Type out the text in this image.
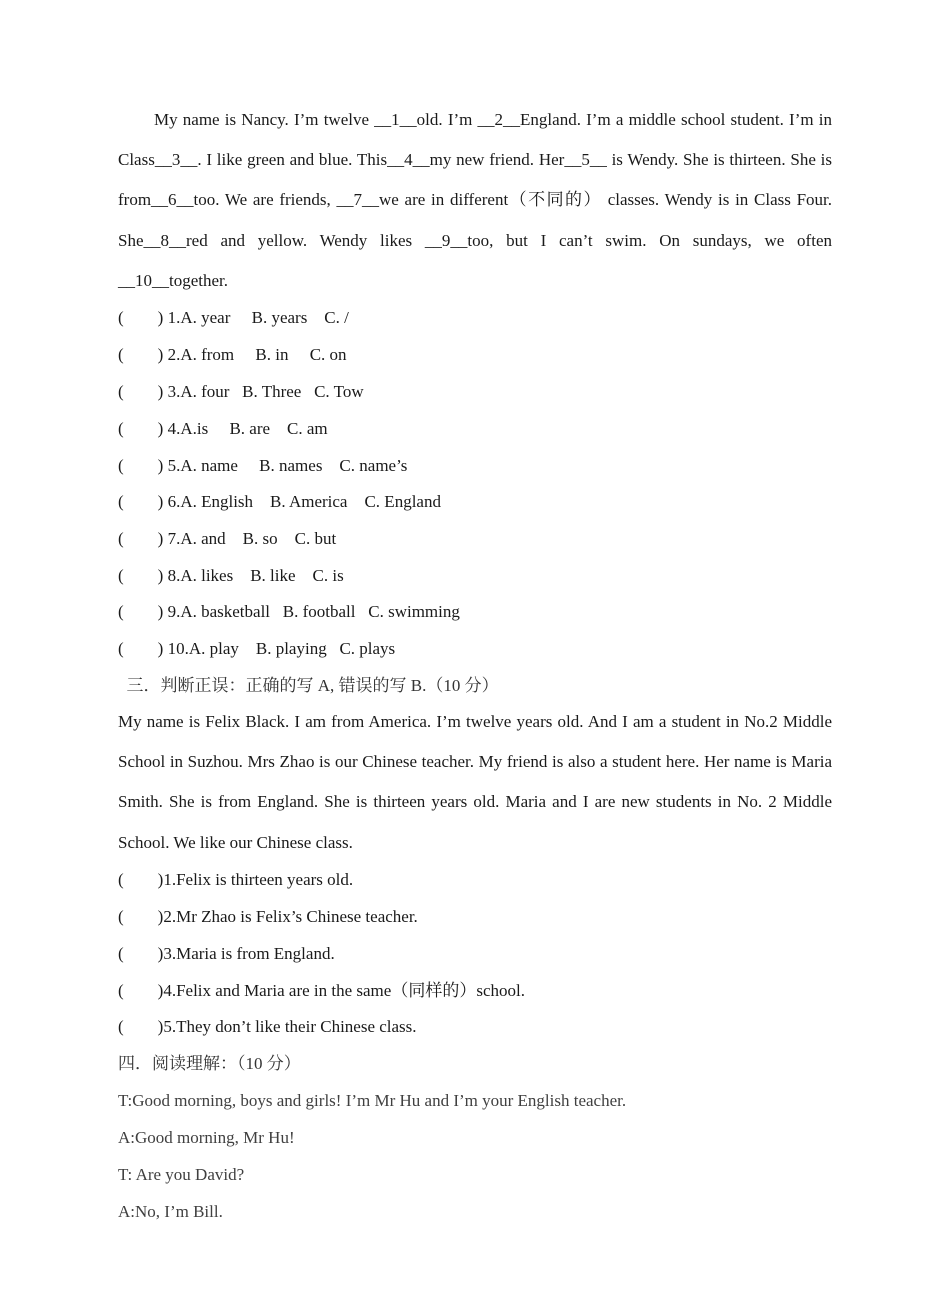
My name is Nancy. I’m twelve __1__old. I’m __2__England. I’m a middle school student. I’m in Class__3__. I like green and blue. This__4__my new friend. Her__5__ is Wendy. She is thirteen. She is from__6__too. We are friends, __7__we are in different（不同的） classes. Wendy is in Class Four. She__8__red and yellow. Wendy likes __9__too, but I can’t swim. On sundays, we often __10__together.

(        ) 1.A. year     B. years    C. /
(        ) 2.A. from     B. in     C. on
(        ) 3.A. four   B. Three   C. Tow
(        ) 4.A.is     B. are    C. am
(        ) 5.A. name     B. names    C. name’s
(        ) 6.A. English    B. America    C. England
(        ) 7.A. and    B. so    C. but
(        ) 8.A. likes    B. like    C. is
(        ) 9.A. basketball   B. football   C. swimming
(        ) 10.A. play    B. playing   C. plays
三．判断正误：正确的写 A, 错误的写 B.（10 分）

My name is Felix Black. I am from America. I’m twelve years old. And I am a student in No.2 Middle School in Suzhou. Mrs Zhao is our Chinese teacher. My friend is also a student here. Her name is Maria Smith. She is from England. She is thirteen years old. Maria and I are new students in No. 2 Middle School. We like our Chinese class.

(        )1.Felix is thirteen years old.
(        )2.Mr Zhao is Felix’s Chinese teacher.
(        )3.Maria is from England.
(        )4.Felix and Maria are in the same（同样的）school.
(        )5.They don’t like their Chinese class.
四．阅读理解：（10 分）
T:Good morning, boys and girls! I’m Mr Hu and I’m your English teacher.
A:Good morning, Mr Hu!
T: Are you David?
A:No, I’m Bill.
